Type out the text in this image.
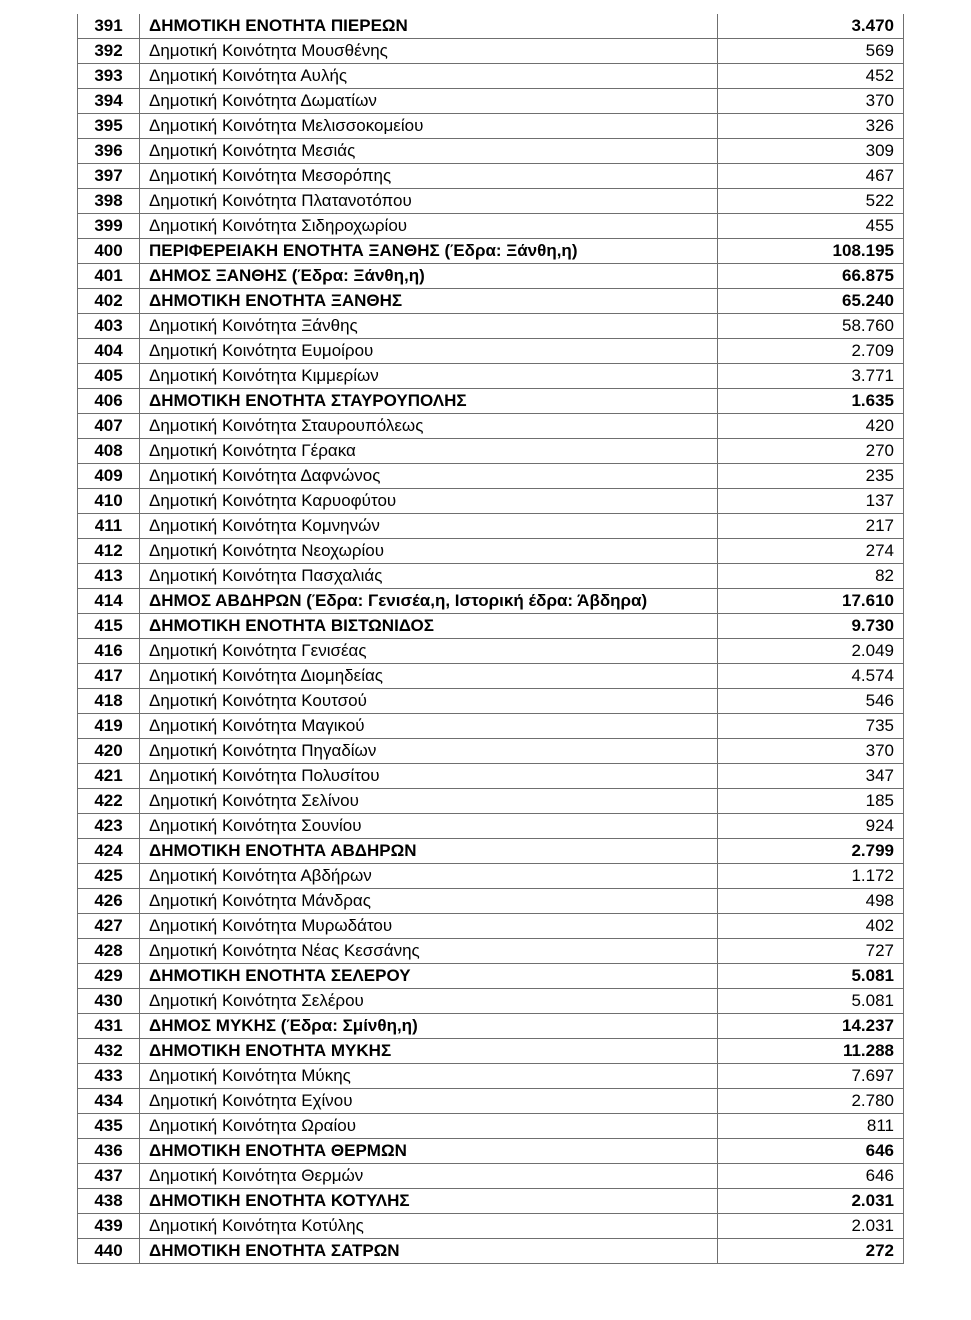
391	ΔΗΜΟΤΙΚΗ ΕΝΟΤΗΤΑ ΠΙΕΡΕΩΝ	3.470
392	Δημοτική Κοινότητα Μουσθένης	569
393	Δημοτική Κοινότητα Αυλής	452
394	Δημοτική Κοινότητα Δωματίων	370
395	Δημοτική Κοινότητα Μελισσοκομείου	326
396	Δημοτική Κοινότητα Μεσιάς	309
397	Δημοτική Κοινότητα Μεσορόπης	467
398	Δημοτική Κοινότητα Πλατανοτόπου	522
399	Δημοτική Κοινότητα Σιδηροχωρίου	455
400	ΠΕΡΙΦΕΡΕΙΑΚΗ ΕΝΟΤΗΤΑ ΞΑΝΘΗΣ (Έδρα: Ξάνθη,η)	108.195
401	ΔΗΜΟΣ ΞΑΝΘΗΣ (Έδρα: Ξάνθη,η)	66.875
402	ΔΗΜΟΤΙΚΗ ΕΝΟΤΗΤΑ ΞΑΝΘΗΣ	65.240
403	Δημοτική Κοινότητα Ξάνθης	58.760
404	Δημοτική Κοινότητα Ευμοίρου	2.709
405	Δημοτική Κοινότητα Κιμμερίων	3.771
406	ΔΗΜΟΤΙΚΗ ΕΝΟΤΗΤΑ ΣΤΑΥΡΟΥΠΟΛΗΣ	1.635
407	Δημοτική Κοινότητα Σταυρουπόλεως	420
408	Δημοτική Κοινότητα Γέρακα	270
409	Δημοτική Κοινότητα Δαφνώνος	235
410	Δημοτική Κοινότητα Καρυοφύτου	137
411	Δημοτική Κοινότητα Κομνηνών	217
412	Δημοτική Κοινότητα Νεοχωρίου	274
413	Δημοτική Κοινότητα Πασχαλιάς	82
414	ΔΗΜΟΣ ΑΒΔΗΡΩΝ (Έδρα: Γενισέα,η, Ιστορική έδρα: Άβδηρα)	17.610
415	ΔΗΜΟΤΙΚΗ ΕΝΟΤΗΤΑ ΒΙΣΤΩΝΙΔΟΣ	9.730
416	Δημοτική Κοινότητα Γενισέας	2.049
417	Δημοτική Κοινότητα Διομηδείας	4.574
418	Δημοτική Κοινότητα Κουτσού	546
419	Δημοτική Κοινότητα Μαγικού	735
420	Δημοτική Κοινότητα Πηγαδίων	370
421	Δημοτική Κοινότητα Πολυσίτου	347
422	Δημοτική Κοινότητα Σελίνου	185
423	Δημοτική Κοινότητα Σουνίου	924
424	ΔΗΜΟΤΙΚΗ ΕΝΟΤΗΤΑ ΑΒΔΗΡΩΝ	2.799
425	Δημοτική Κοινότητα Αβδήρων	1.172
426	Δημοτική Κοινότητα Μάνδρας	498
427	Δημοτική Κοινότητα Μυρωδάτου	402
428	Δημοτική Κοινότητα Νέας Κεσσάνης	727
429	ΔΗΜΟΤΙΚΗ ΕΝΟΤΗΤΑ ΣΕΛΕΡΟΥ	5.081
430	Δημοτική Κοινότητα Σελέρου	5.081
431	ΔΗΜΟΣ ΜΥΚΗΣ (Έδρα: Σμίνθη,η)	14.237
432	ΔΗΜΟΤΙΚΗ ΕΝΟΤΗΤΑ ΜΥΚΗΣ	11.288
433	Δημοτική Κοινότητα Μύκης	7.697
434	Δημοτική Κοινότητα Εχίνου	2.780
435	Δημοτική Κοινότητα Ωραίου	811
436	ΔΗΜΟΤΙΚΗ ΕΝΟΤΗΤΑ ΘΕΡΜΩΝ	646
437	Δημοτική Κοινότητα Θερμών	646
438	ΔΗΜΟΤΙΚΗ ΕΝΟΤΗΤΑ ΚΟΤΥΛΗΣ	2.031
439	Δημοτική Κοινότητα Κοτύλης	2.031
440	ΔΗΜΟΤΙΚΗ ΕΝΟΤΗΤΑ ΣΑΤΡΩΝ	272
